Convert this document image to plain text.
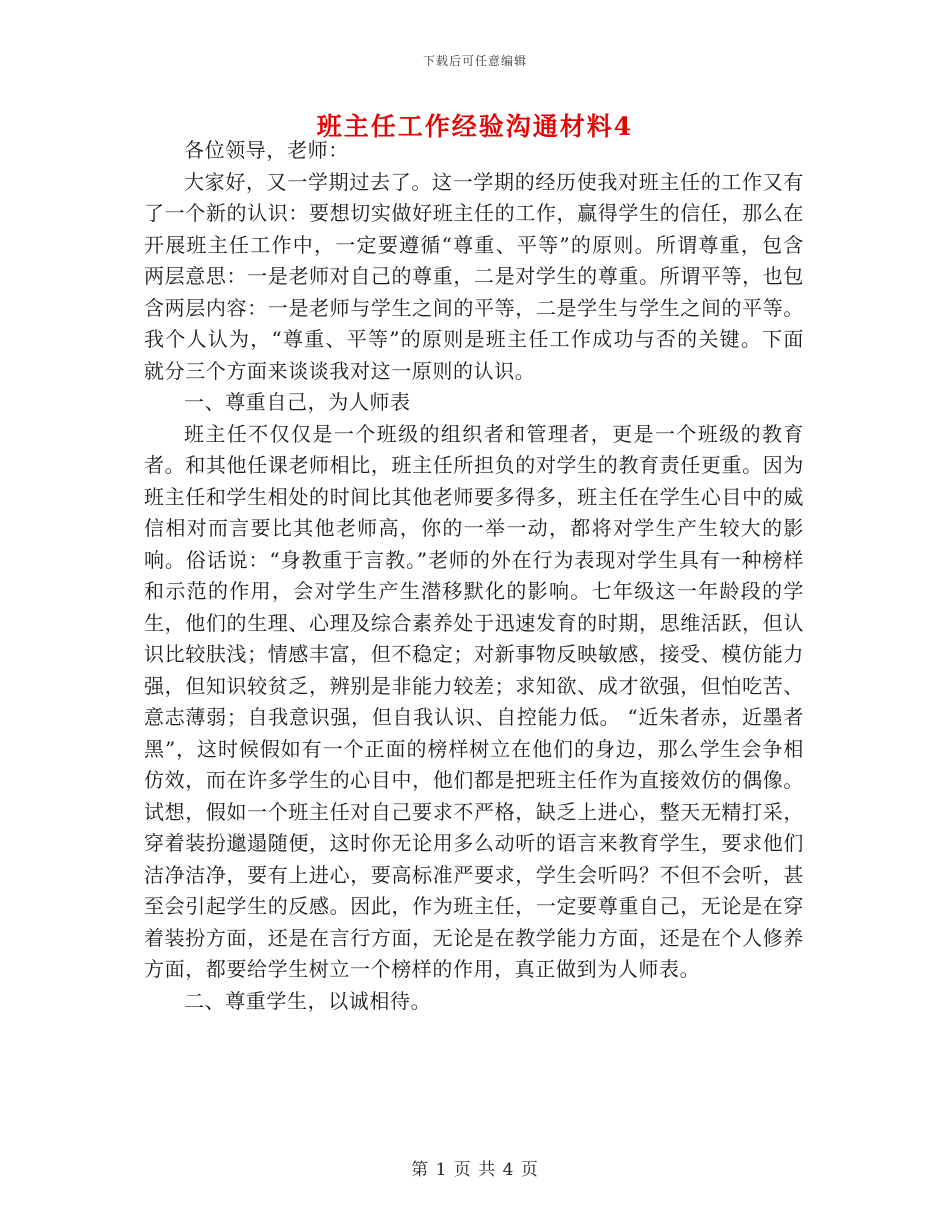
下载后可任意编辑
班主任工作经验沟通材料4

各位领导，老师：

大家好，又一学期过去了。这一学期的经历使我对班主任的工作又有了一个新的认识：要想切实做好班主任的工作，赢得学生的信任，那么在开展班主任工作中，一定要遵循“尊重、平等”的原则。所谓尊重，包含两层意思：一是老师对自己的尊重，二是对学生的尊重。所谓平等，也包含两层内容：一是老师与学生之间的平等，二是学生与学生之间的平等。我个人认为，“尊重、平等”的原则是班主任工作成功与否的关键。下面就分三个方面来谈谈我对这一原则的认识。

一、尊重自己，为人师表

班主任不仅仅是一个班级的组织者和管理者，更是一个班级的教育者。和其他任课老师相比，班主任所担负的对学生的教育责任更重。因为班主任和学生相处的时间比其他老师要多得多，班主任在学生心目中的威信相对而言要比其他老师高，你的一举一动，都将对学生产生较大的影响。俗话说：“身教重于言教。”老师的外在行为表现对学生具有一种榜样和示范的作用，会对学生产生潜移默化的影响。七年级这一年龄段的学生，他们的生理、心理及综合素养处于迅速发育的时期，思维活跃，但认识比较肤浅；情感丰富，但不稳定；对新事物反映敏感，接受、模仿能力强，但知识较贫乏，辨别是非能力较差；求知欲、成才欲强，但怕吃苦、意志薄弱；自我意识强，但自我认识、自控能力低。 “近朱者赤，近墨者黑”，这时候假如有一个正面的榜样树立在他们的身边，那么学生会争相仿效，而在许多学生的心目中，他们都是把班主任作为直接效仿的偶像。试想，假如一个班主任对自己要求不严格，缺乏上进心，整天无精打采，穿着装扮邋遢随便，这时你无论用多么动听的语言来教育学生，要求他们洁净洁净，要有上进心，要高标准严要求，学生会听吗？不但不会听，甚至会引起学生的反感。因此，作为班主任，一定要尊重自己，无论是在穿着装扮方面，还是在言行方面，无论是在教学能力方面，还是在个人修养方面，都要给学生树立一个榜样的作用，真正做到为人师表。

二、尊重学生，以诚相待。

第 1 页 共 4 页
